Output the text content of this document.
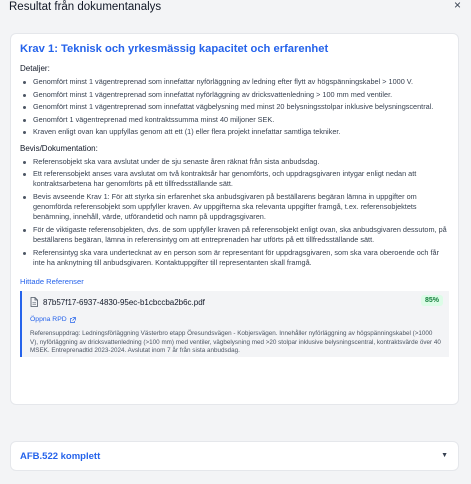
Resultat från dokumentanalys	×
Krav 1: Teknisk och yrkesmässig kapacitet och erfarenhet
Detaljer:
Genomfört minst 1 vägentreprenad som innefattar nyförläggning av ledning efter flytt av högspänningskabel > 1000 V.
Genomfört minst 1 vägentreprenad som innefattat nyförläggning av dricksvattenledning > 100 mm med ventiler.
Genomfört minst 1 vägentreprenad som innefattat vägbelysning med minst 20 belysningsstolpar inklusive belysningscentral.
Genomfört 1 vägentreprenad med kontraktssumma minst 40 miljoner SEK.
Kraven enligt ovan kan uppfyllas genom att ett (1) eller flera projekt innefattar samtliga tekniker.
Bevis/Dokumentation:
Referensobjekt ska vara avslutat under de sju senaste åren räknat från sista anbudsdag.
Ett referensobjekt anses vara avslutat om två kontraktsår har genomförts, och uppdragsgivaren intygar enligt nedan att kontraktsarbetena har genomförts på ett tillfredsställande sätt.
Bevis avseende Krav 1: För att styrka sin erfarenhet ska anbudsgivaren på beställarens begäran lämna in uppgifter om genomförda referensobjekt som uppfyller kraven. Av uppgifterna ska relevanta uppgifter framgå, t.ex. referensobjektets benämning, innehåll, värde, utförandetid och namn på uppdragsgivaren.
För de viktigaste referensobjekten, dvs. de som uppfyller kraven på referensobjekt enligt ovan, ska anbudsgivaren dessutom, på beställarens begäran, lämna in referensintyg om att entreprenaden har utförts på ett tillfredsställande sätt.
Referensintyg ska vara undertecknat av en person som är representant för uppdragsgivaren, som ska vara oberoende och får inte ha anknytning till anbudsgivaren. Kontaktuppgifter till representanten skall framgå.
Hittade Referenser
87b57f17-6937-4830-95ec-b1cbccba2b6c.pdf	85%
Öppna RPD
Referensuppdrag: Ledningsförläggning Västerbro etapp Öresundsvägen - Kobjersvägen. Innehåller nyförläggning av högspänningskabel (>1000 V), nyförläggning av dricksvattenledning (>100 mm) med ventiler, vägbelysning med >20 stolpar inklusive belysningscentral, kontraktsvärde över 40 MSEK. Entreprenadtid 2023-2024. Avslutat inom 7 år från sista anbudsdag.
AFB.522 komplett	▼
